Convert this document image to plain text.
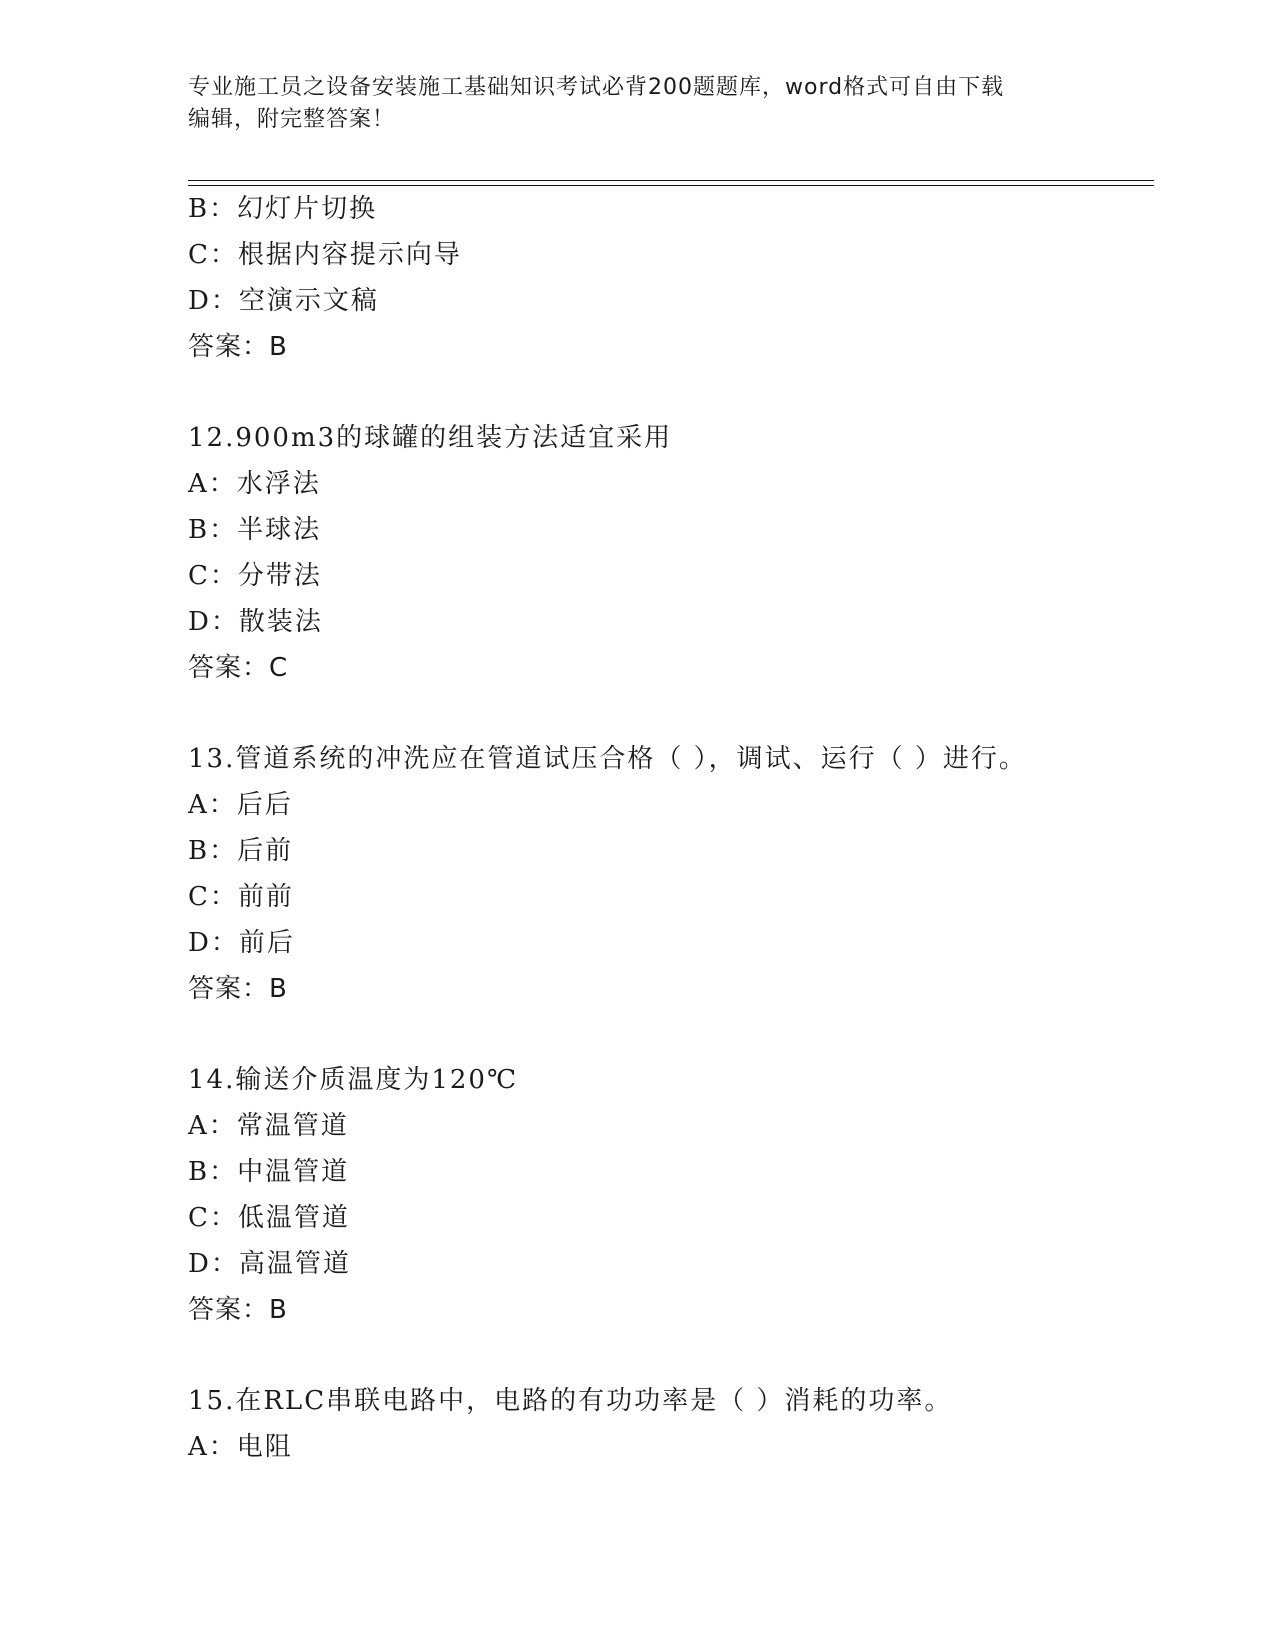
专业施工员之设备安装施工基础知识考试必背200题题库，word格式可自由下载
编辑，附完整答案！
B：幻灯片切换
C：根据内容提示向导
D：空演示文稿
答案：B
12.900m3的球罐的组装方法适宜采用
A：水浮法
B：半球法
C：分带法
D：散装法
答案：C
13.管道系统的冲洗应在管道试压合格（ ），调试、运行（ ）进行。
A：后后
B：后前
C：前前
D：前后
答案：B
14.输送介质温度为120℃
A：常温管道
B：中温管道
C：低温管道
D：高温管道
答案：B
15.在RLC串联电路中，电路的有功功率是（ ）消耗的功率。
A：电阻
